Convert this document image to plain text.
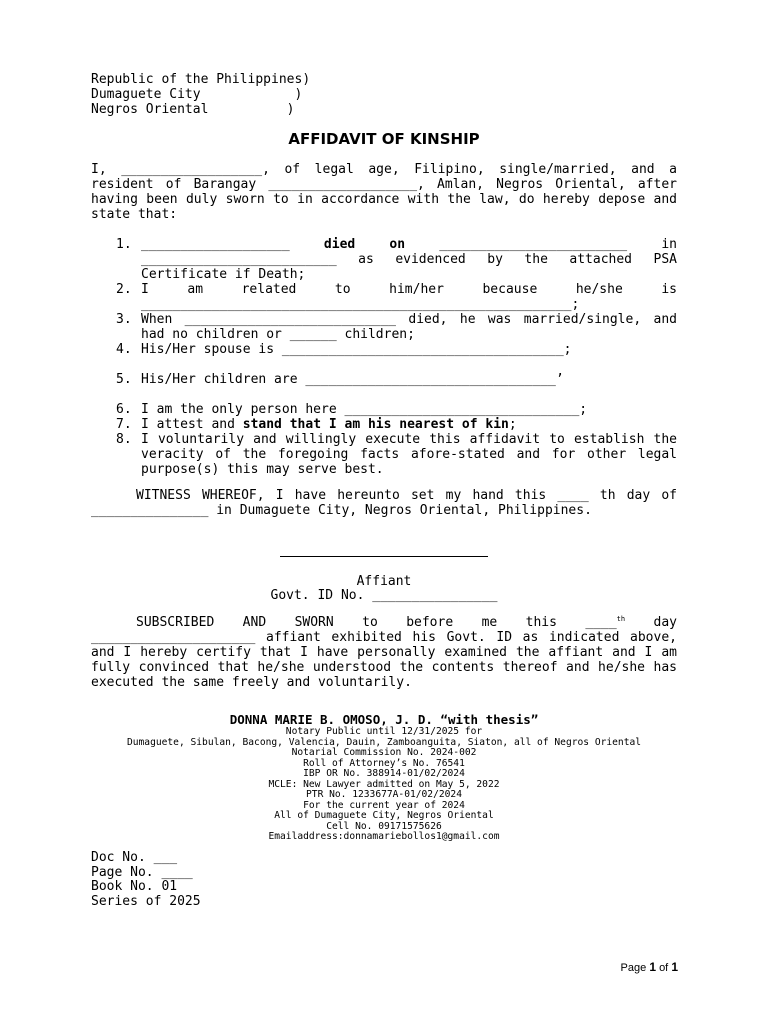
Republic of the Philippines)
Dumaguete City            )
Negros Oriental          )
AFFIDAVIT OF KINSHIP
I, __________________, of legal age, Filipino, single/married, and a resident of Barangay ___________________, Amlan, Negros Oriental, after having been duly sworn to in accordance with the law, do hereby depose and state that:
1. ___________________ died on ________________________ in _________________________ as evidenced by the attached PSA Certificate if Death;
2. I am related to him/her because he/she is _______________________________________________________;
3. When ___________________________ died, he was married/single, and had no children or ______ children;
4. His/Her spouse is ____________________________________;
5. His/Her children are ________________________________’
6. I am the only person here ______________________________;
7. I attest and stand that I am his nearest of kin;
8. I voluntarily and willingly execute this affidavit to establish the veracity of the foregoing facts afore-stated and for other legal purpose(s) this may serve best.
WITNESS WHEREOF, I have hereunto set my hand this ____ th day of _______________ in Dumaguete City, Negros Oriental, Philippines.
Affiant
Govt. ID No. ________________
SUBSCRIBED AND SWORN to before me this ____$^{th}$ day _____________________ affiant exhibited his Govt. ID as indicated above, and I hereby certify that I have personally examined the affiant and I am fully convinced that he/she understood the contents thereof and he/she has executed the same freely and voluntarily.
DONNA MARIE B. OMOSO, J. D. “with thesis”
Notary Public until 12/31/2025 for
Dumaguete, Sibulan, Bacong, Valencia, Dauin, Zamboanguita, Siaton, all of Negros Oriental
Notarial Commission No. 2024-002
Roll of Attorney’s No. 76541
IBP OR No. 388914-01/02/2024
MCLE: New Lawyer admitted on May 5, 2022
PTR No. 1233677A-01/02/2024
For the current year of 2024
All of Dumaguete City, Negros Oriental
Cell No. 09171575626
Emailaddress:donnamariebollos1@gmail.com
Doc No. ___
Page No. ____
Book No. 01
Series of 2025
Page 1 of 1
